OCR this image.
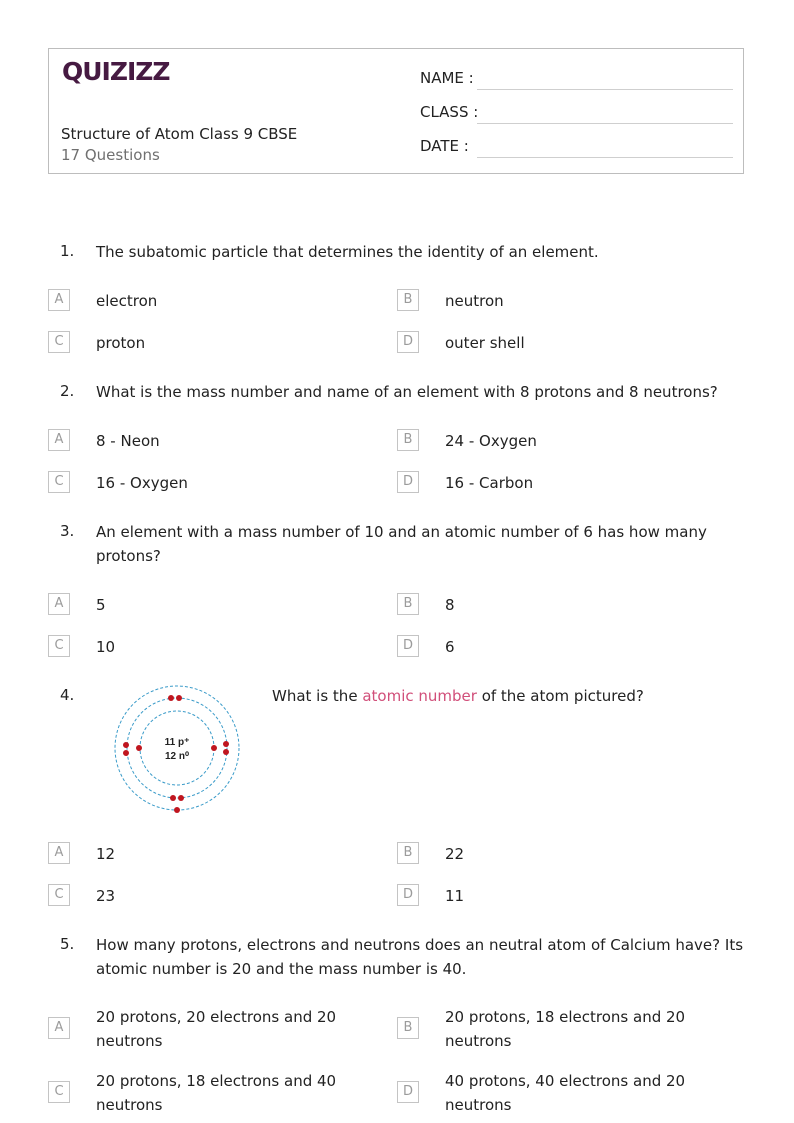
QUIZIZZ
Structure of Atom Class 9 CBSE
17 Questions
NAME :
CLASS :
DATE :
1. The subatomic particle that determines the identity of an element.
A	electron	B	neutron
C	proton	D	outer shell
2. What is the mass number and name of an element with 8 protons and 8 neutrons?
A	8 - Neon	B	24 - Oxygen
C	16 - Oxygen	D	16 - Carbon
3. An element with a mass number of 10 and an atomic number of 6 has how many protons?
A	5	B	8
C	10	D	6
4.
11 p⁺
12 n⁰
What is the atomic number of the atom pictured?
A	12	B	22
C	23	D	11
5. How many protons, electrons and neutrons does an neutral atom of Calcium have? Its atomic number is 20 and the mass number is 40.
A
20 protons, 20 electrons and 20 neutrons
B
20 protons, 18 electrons and 20 neutrons
C
20 protons, 18 electrons and 40 neutrons
D
40 protons, 40 electrons and 20 neutrons
